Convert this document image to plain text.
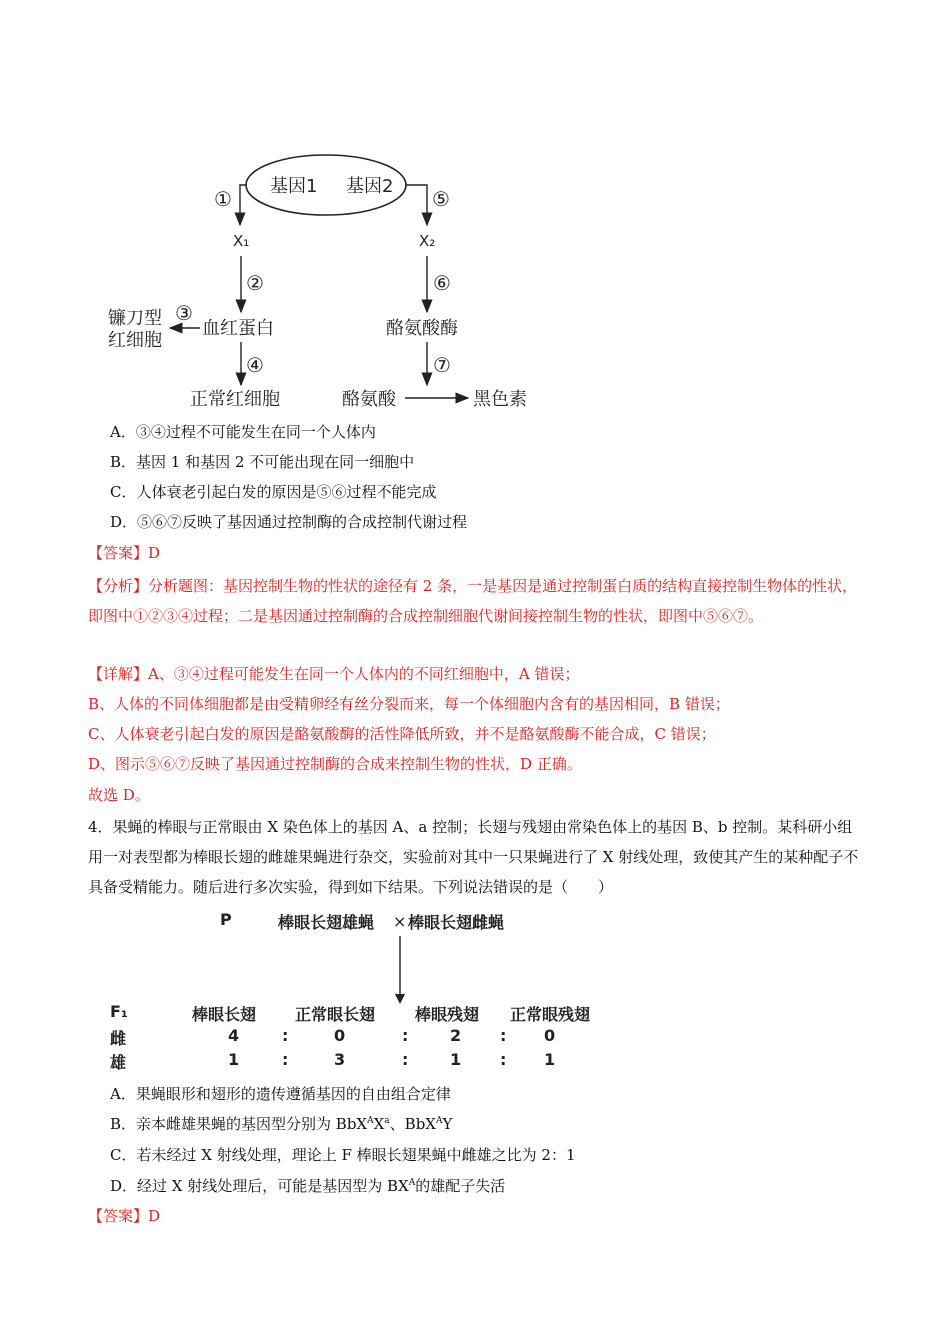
基因1 基因2
①
X₁
②
血红蛋白
③
镰刀型
红细胞
④
正常红细胞
⑤
X₂
⑥
酪氨酸酶
⑦
酪氨酸	黑色素
A．③④过程不可能发生在同一个人体内
B．基因 1 和基因 2 不可能出现在同一细胞中
C．人体衰老引起白发的原因是⑤⑥过程不能完成
D．⑤⑥⑦反映了基因通过控制酶的合成控制代谢过程
【答案】D
【分析】分析题图：基因控制生物的性状的途径有 2 条，一是基因是通过控制蛋白质的结构直接控制生物体的性状，即图中①②③④过程；二是基因通过控制酶的合成控制细胞代谢间接控制生物的性状，即图中⑤⑥⑦。
【详解】A、③④过程可能发生在同一个人体内的不同红细胞中，A 错误；
B、人体的不同体细胞都是由受精卵经有丝分裂而来，每一个体细胞内含有的基因相同，B 错误；
C、人体衰老引起白发的原因是酪氨酸酶的活性降低所致，并不是酪氨酸酶不能合成，C 错误；
D、图示⑤⑥⑦反映了基因通过控制酶的合成来控制生物的性状，D 正确。
故选 D。
4．果蝇的棒眼与正常眼由 X 染色体上的基因 A、a 控制；长翅与残翅由常染色体上的基因 B、b 控制。某科研小组用一对表型都为棒眼长翅的雌雄果蝇进行杂交，实验前对其中一只果蝇进行了 X 射线处理，致使其产生的某种配子不具备受精能力。随后进行多次实验，得到如下结果。下列说法错误的是（　　）
P	棒眼长翅雄蝇 × 棒眼长翅雌蝇
F₁	棒眼长翅 正常眼长翅 棒眼残翅 正常眼残翅
雌	4	:	0	:	2 : 0
雄	1	:	3	:	1 : 1
A．果蝇眼形和翅形的遗传遵循基因的自由组合定律
B．亲本雌雄果蝇的基因型分别为 $BbX^AX^a$、BbX$^A$Y
C．若未经过 X 射线处理，理论上 F 棒眼长翅果蝇中雌雄之比为 2：1
D．经过 X 射线处理后，可能是基因型为 $BX^A$的雄配子失活
【答案】D
